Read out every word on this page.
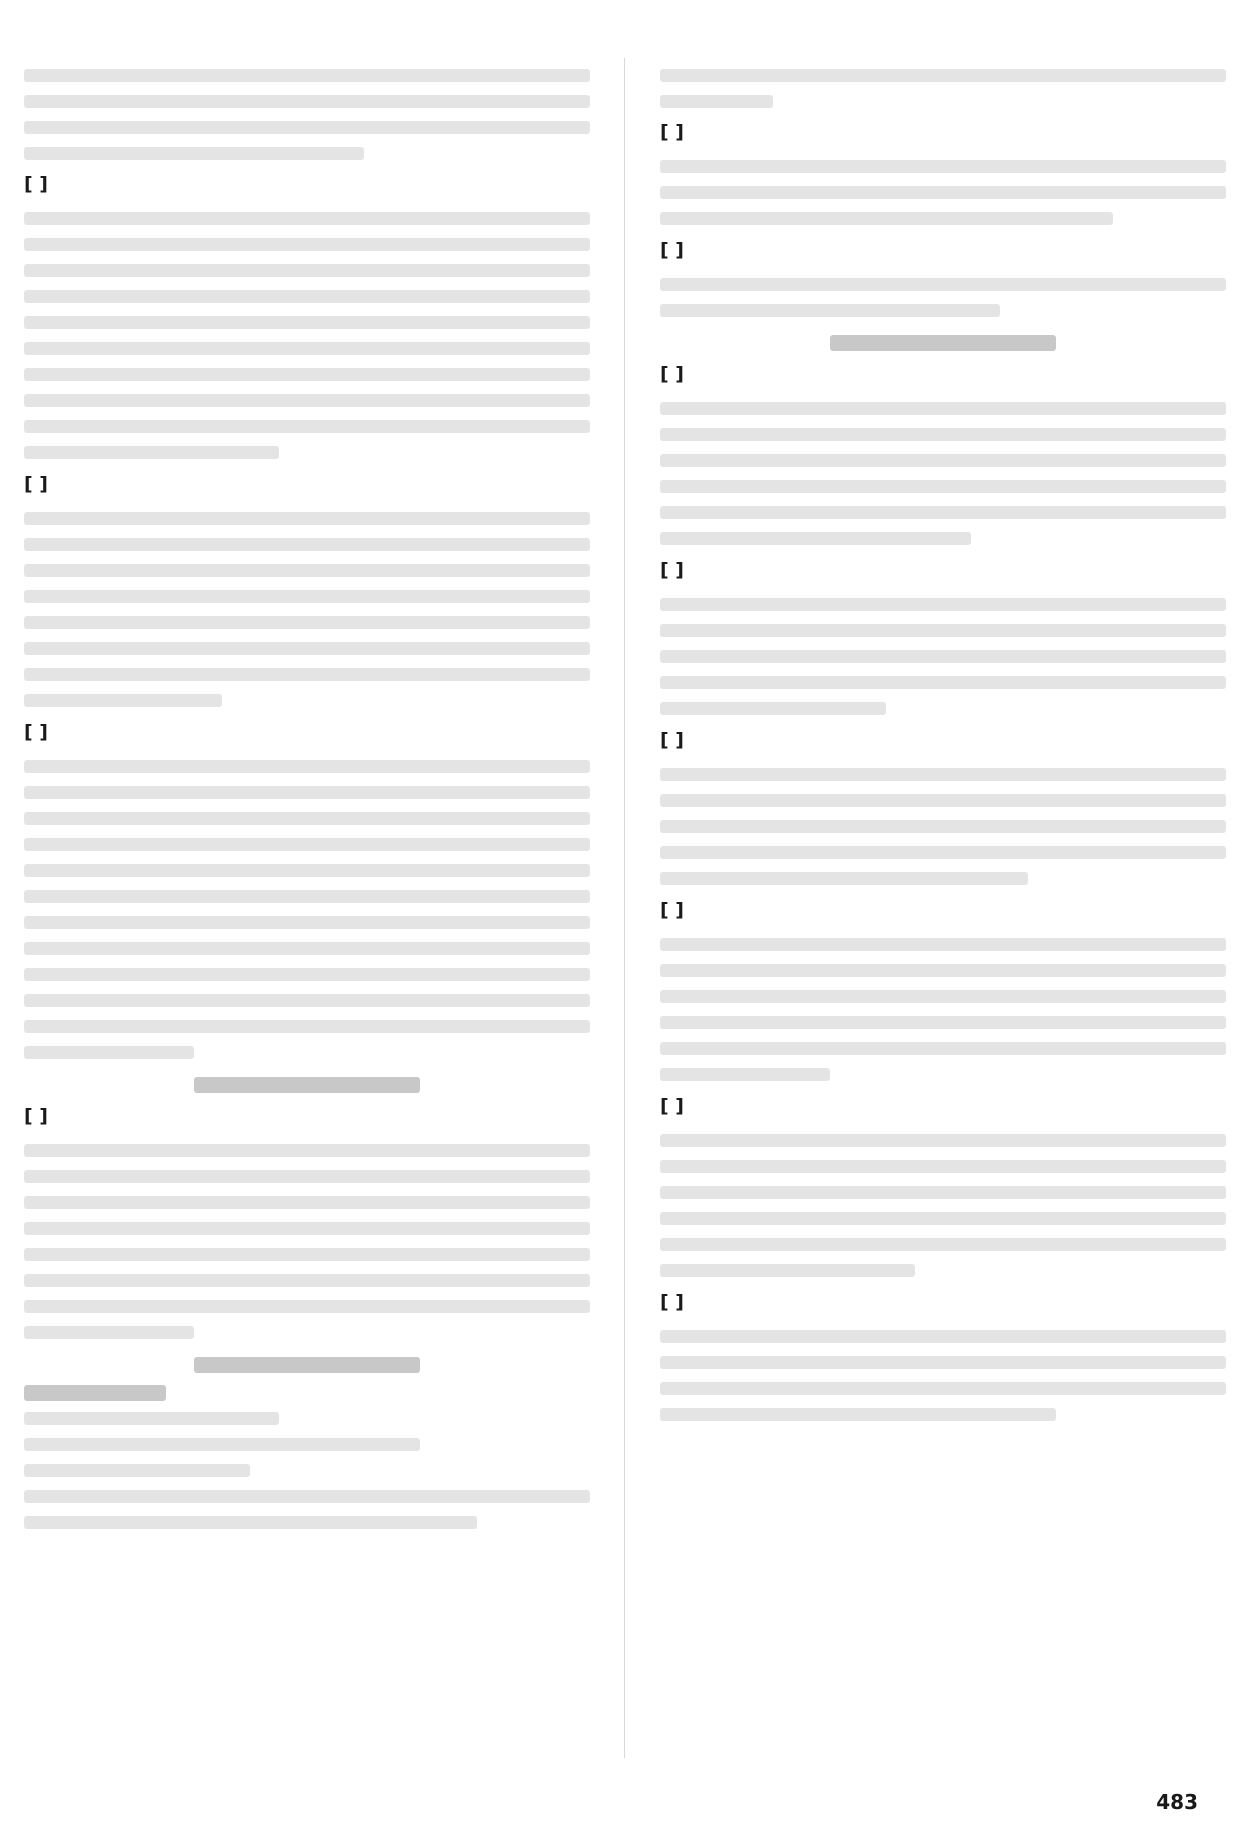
[ ]
[ ]
[ ]
[ ]
[ ]
[ ]
[ ]
[ ]
[ ]
[ ]
[ ]
[ ]
483
